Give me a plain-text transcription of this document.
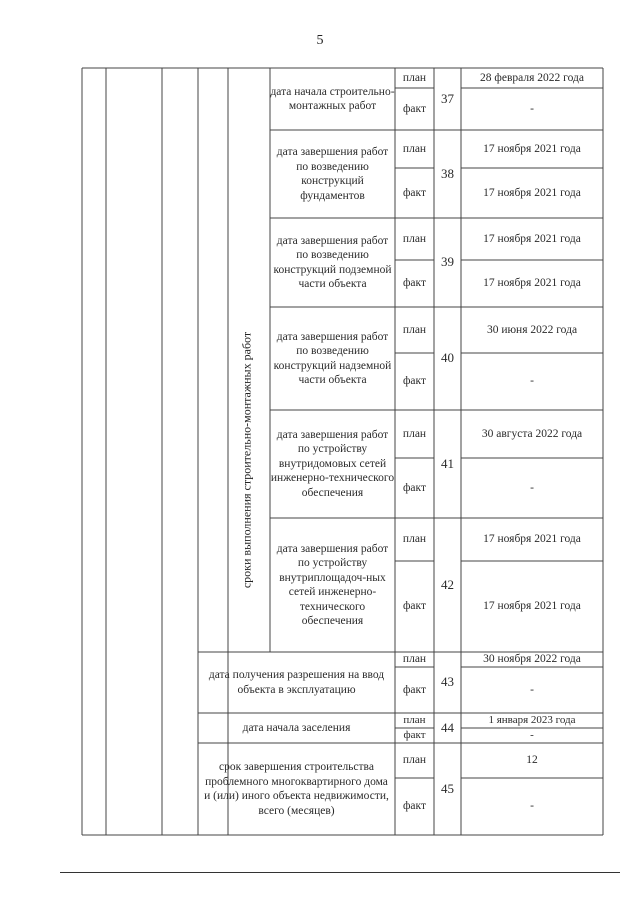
5
сроки выполнения строительно-монтажных работ
дата начала строительно-монтажных работ
план
факт
37
28 февраля 2022 года
-
дата завершения работ по возведению конструкций фундаментов
план
факт
38
17 ноября 2021 года
17 ноября 2021 года
дата завершения работ по возведению конструкций подземной части объекта
план
факт
39
17 ноября 2021 года
17 ноября 2021 года
дата завершения работ по возведению конструкций надземной части объекта
план
факт
40
30 июня 2022 года
-
дата завершения работ по устройству внутридомовых сетей инженерно-технического обеспечения
план
факт
41
30 августа 2022 года
-
дата завершения работ по устройству внутриплощадоч-ных сетей инженерно-технического обеспечения
план
факт
42
17 ноября 2021 года
17 ноября 2021 года
дата получения разрешения на ввод объекта в эксплуатацию
план
факт
43
30 ноября 2022 года
-
дата начала заселения
план
факт
44	1 января 2023 года
-
срок завершения строительства проблемного многоквартирного дома и (или) иного объекта недвижимости, всего (месяцев)
план
факт
45
12
-
